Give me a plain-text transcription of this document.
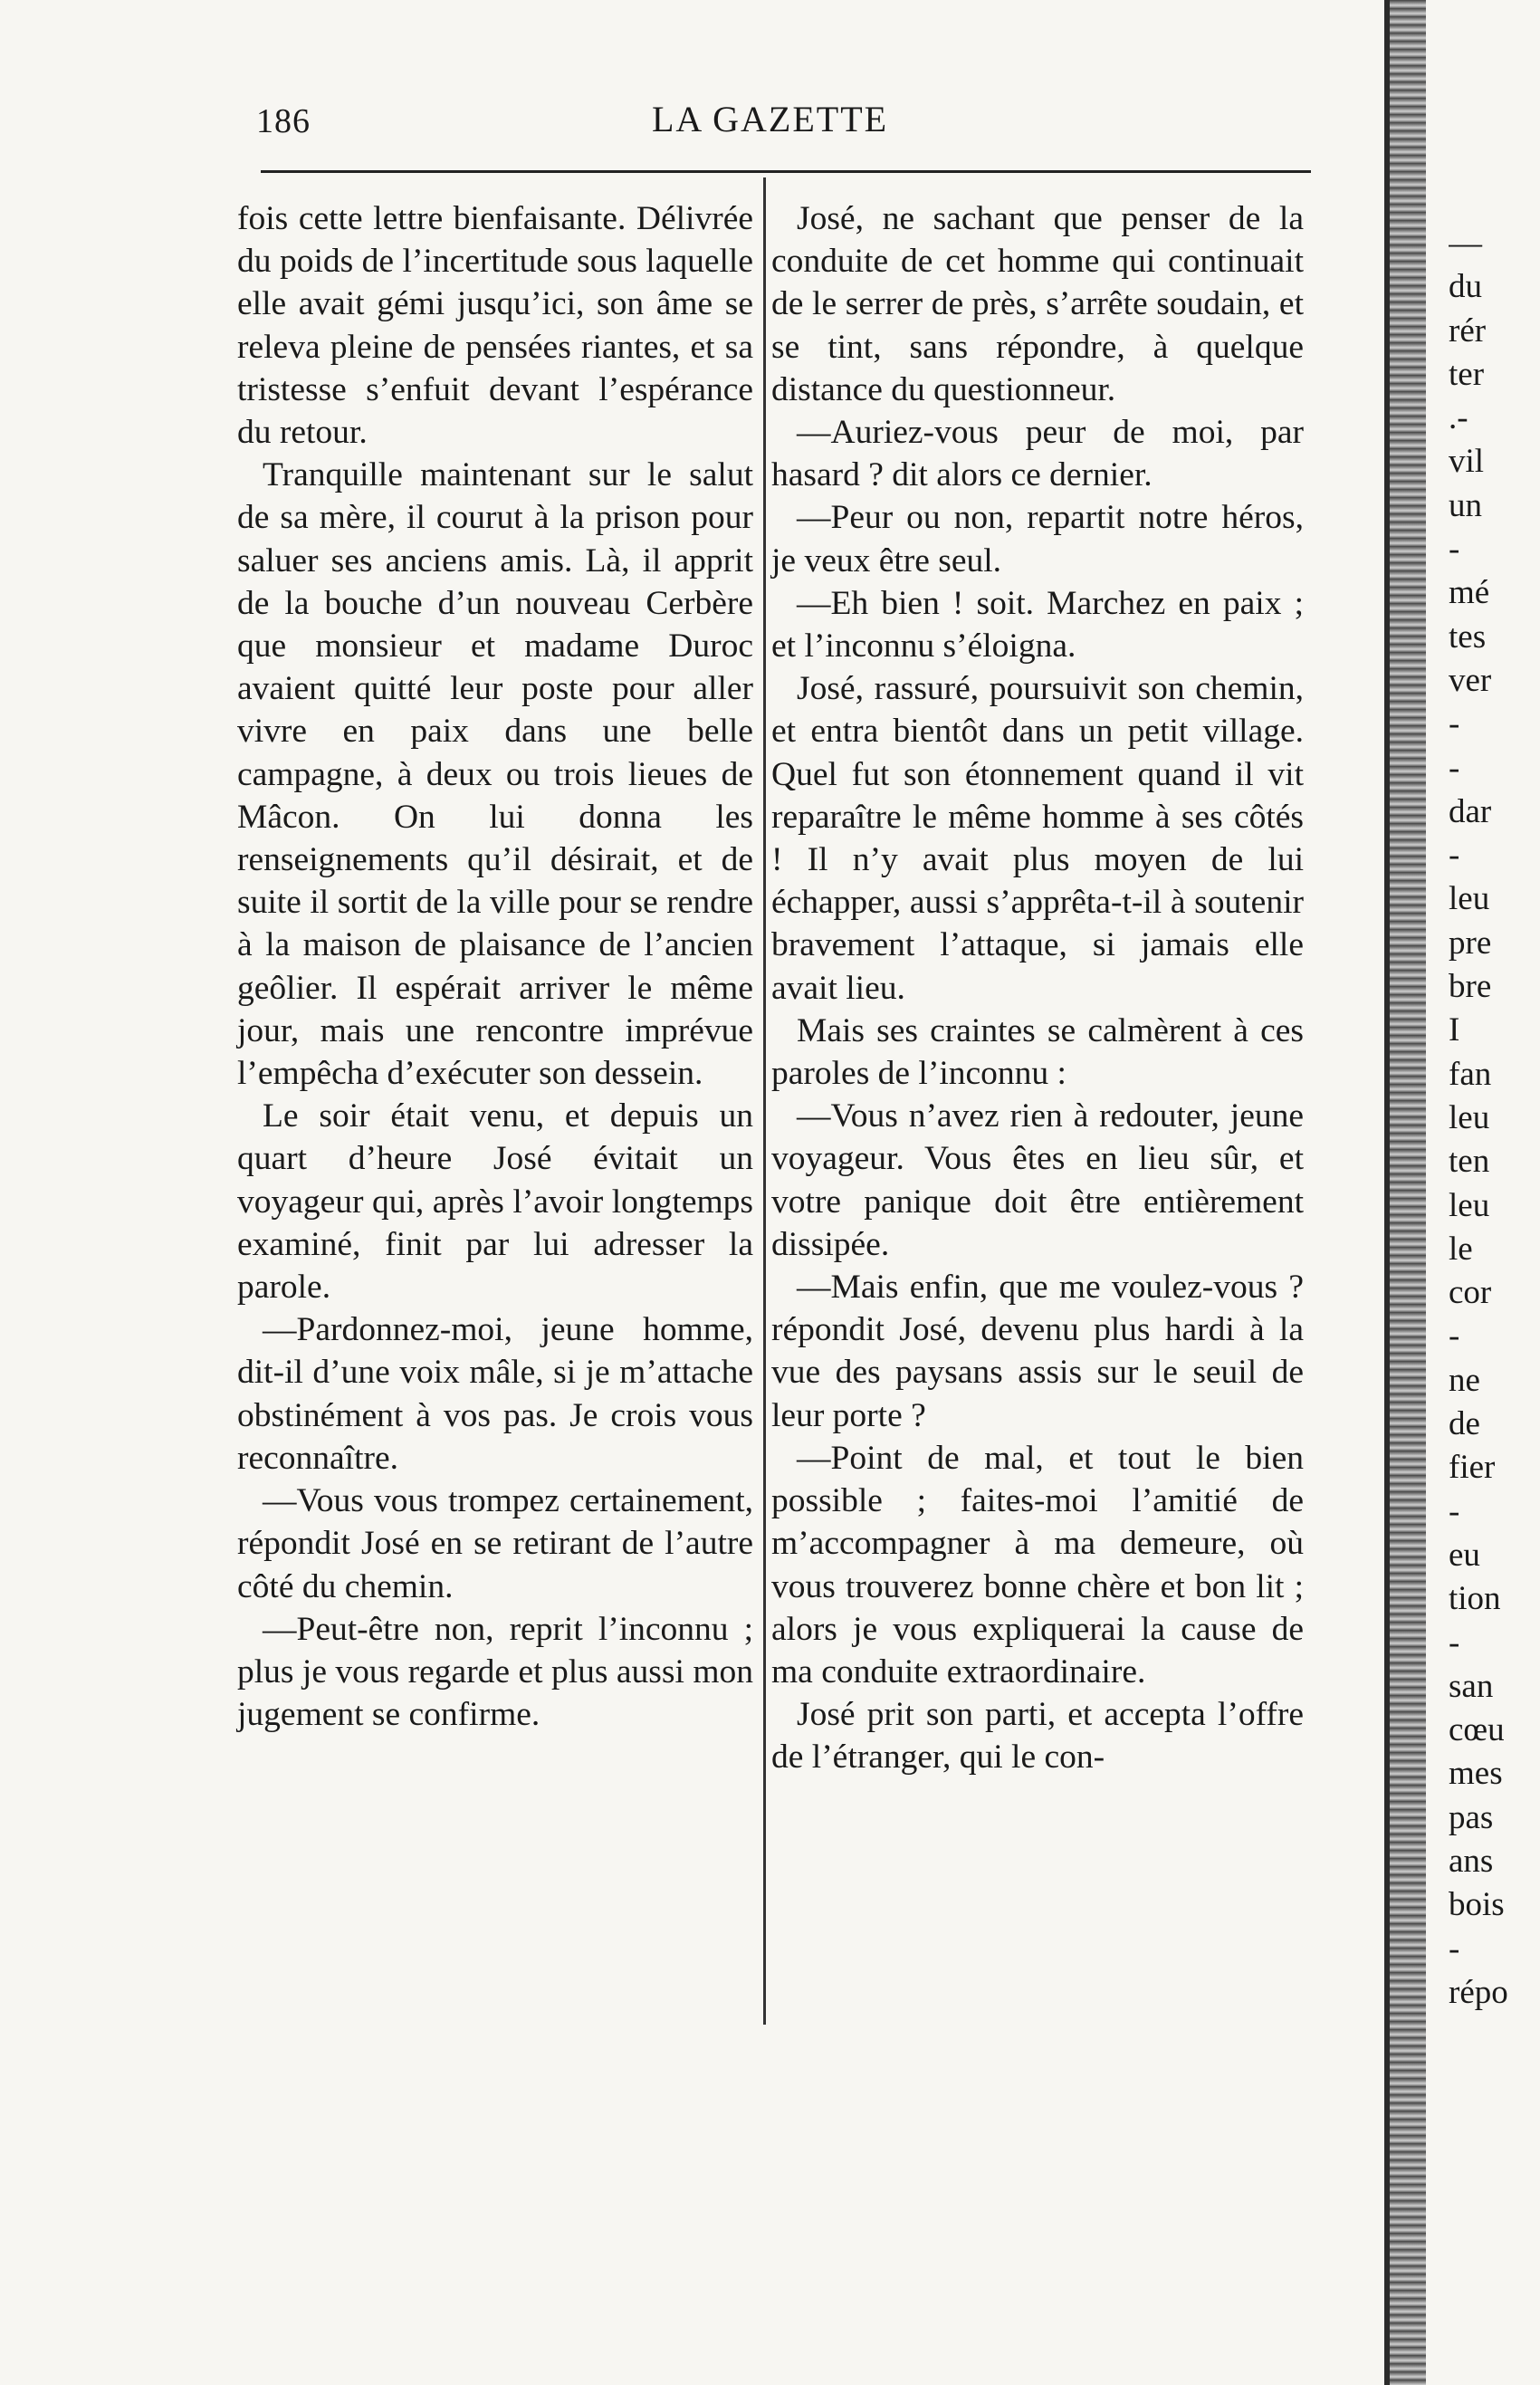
186	LA GAZETTE

fois cette lettre bienfaisante. Délivrée du poids de l’incertitude sous laquelle elle avait gémi jusqu’ici, son âme se releva pleine de pensées riantes, et sa tristesse s’enfuit devant l’espérance du retour.

Tranquille maintenant sur le salut de sa mère, il courut à la prison pour saluer ses anciens amis. Là, il apprit de la bouche d’un nouveau Cerbère que monsieur et madame Duroc avaient quitté leur poste pour aller vivre en paix dans une belle campagne, à deux ou trois lieues de Mâcon. On lui donna les renseignements qu’il désirait, et de suite il sortit de la ville pour se rendre à la maison de plaisance de l’ancien geôlier. Il espérait arriver le même jour, mais une rencontre imprévue l’empêcha d’exécuter son dessein.

Le soir était venu, et depuis un quart d’heure José évitait un voyageur qui, après l’avoir longtemps examiné, finit par lui adresser la parole.

—Pardonnez-moi, jeune homme, dit-il d’une voix mâle, si je m’attache obstinément à vos pas. Je crois vous reconnaître.

—Vous vous trompez certainement, répondit José en se retirant de l’autre côté du chemin.

—Peut-être non, reprit l’inconnu ; plus je vous regarde et plus aussi mon jugement se confirme.

José, ne sachant que penser de la conduite de cet homme qui continuait de le serrer de près, s’arrête soudain, et se tint, sans répondre, à quelque distance du questionneur.

—Auriez-vous peur de moi, par hasard ? dit alors ce dernier.

—Peur ou non, repartit notre héros, je veux être seul.

—Eh bien ! soit. Marchez en paix ; et l’inconnu s’éloigna.

José, rassuré, poursuivit son chemin, et entra bientôt dans un petit village. Quel fut son étonnement quand il vit reparaître le même homme à ses côtés ! Il n’y avait plus moyen de lui échapper, aussi s’apprêta-t-il à soutenir bravement l’attaque, si jamais elle avait lieu.

Mais ses craintes se calmèrent à ces paroles de l’inconnu :

—Vous n’avez rien à redouter, jeune voyageur. Vous êtes en lieu sûr, et votre panique doit être entièrement dissipée.

—Mais enfin, que me voulez-vous ? répondit José, devenu plus hardi à la vue des paysans assis sur le seuil de leur porte ?

—Point de mal, et tout le bien possible ; faites-moi l’amitié de m’accompagner à ma demeure, où vous trouverez bonne chère et bon lit ; alors je vous expliquerai la cause de ma conduite extraordinaire.

José prit son parti, et accepta l’offre de l’étranger, qui le con-

—
du
rér
ter
.-
vil
un
-
mé
tes
ver
-
-
dar
-
leu
pre
bre
I
fan
leu
ten
leu
le
cor
-
ne
de
fier
-
eu
tion
-
san
cœu
mes
pas
ans
bois
-
répo
